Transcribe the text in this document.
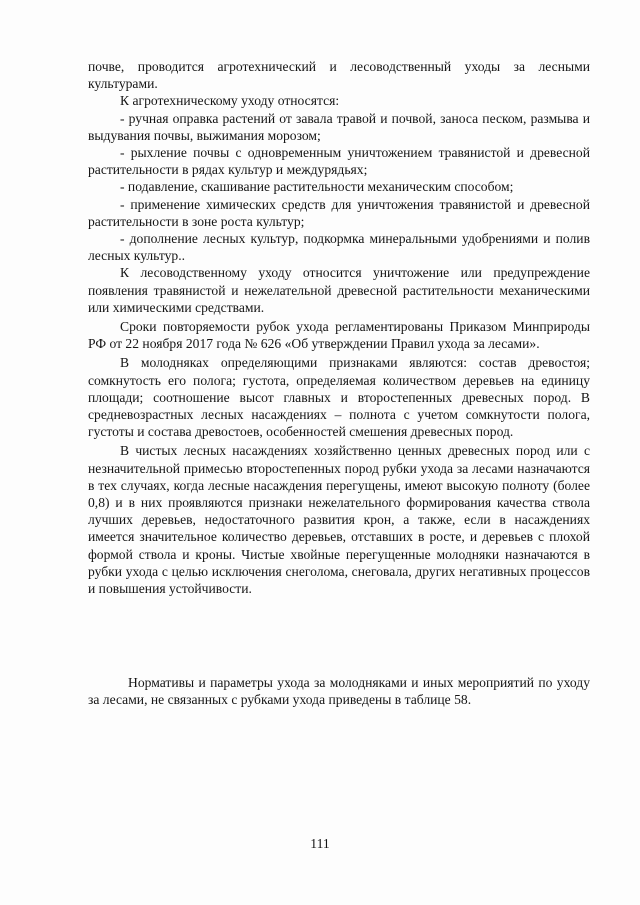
почве, проводится агротехнический и лесоводственный уходы за лесными культурами.

К агротехническому уходу относятся:

- ручная оправка растений от завала травой и почвой, заноса песком, размыва и выдувания почвы, выжимания морозом;

- рыхление почвы с одновременным уничтожением травянистой и древесной растительности в рядах культур и междурядьях;

- подавление, скашивание растительности механическим способом;

- применение химических средств для уничтожения травянистой и древесной растительности в зоне роста культур;

- дополнение лесных культур, подкормка минеральными удобрениями и полив лесных культур..

К лесоводственному уходу относится уничтожение или предупреждение появления травянистой и нежелательной древесной растительности механическими или химическими средствами.

Сроки повторяемости рубок ухода регламентированы Приказом Минприроды РФ от 22 ноября 2017 года № 626 «Об утверждении Правил ухода за лесами».

В молодняках определяющими признаками являются: состав древостоя; сомкнутость его полога; густота, определяемая количеством деревьев на единицу площади; соотношение высот главных и второстепенных древесных пород. В средневозрастных лесных насаждениях – полнота с учетом сомкнутости полога, густоты и состава древостоев, особенностей смешения древесных пород.

В чистых лесных насаждениях хозяйственно ценных древесных пород или с незначительной примесью второстепенных пород рубки ухода за лесами назначаются в тех случаях, когда лесные насаждения перегущены, имеют высокую полноту (более 0,8) и в них проявляются признаки нежелательного формирования качества ствола лучших деревьев, недостаточного развития крон, а также, если в насаждениях имеется значительное количество деревьев, отставших в росте, и деревьев с плохой формой ствола и кроны. Чистые хвойные перегущенные молодняки назначаются в рубки ухода с целью исключения снеголома, снеговала, других негативных процессов и повышения устойчивости.

Нормативы и параметры ухода за молодняками и иных мероприятий по уходу за лесами, не связанных с рубками ухода приведены в таблице 58.

111
